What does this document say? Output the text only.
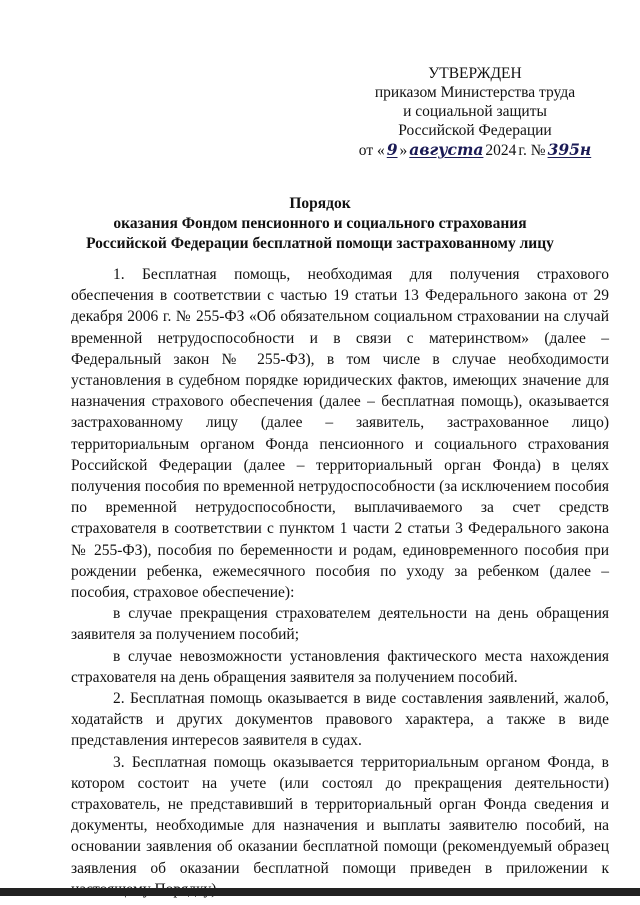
УТВЕРЖДЕН
приказом Министерства труда
и социальной защиты
Российской Федерации
от « 9 » августа 2024 г. № 395н
Порядок
оказания Фондом пенсионного и социального страхования
Российской Федерации бесплатной помощи застрахованному лицу

1. Бесплатная помощь, необходимая для получения страхового обеспечения в соответствии с частью 19 статьи 13 Федерального закона от 29 декабря 2006 г. № 255-ФЗ «Об обязательном социальном страховании на случай временной нетрудоспособности и в связи с материнством» (далее – Федеральный закон № 255-ФЗ), в том числе в случае необходимости установления в судебном порядке юридических фактов, имеющих значение для назначения страхового обеспечения (далее – бесплатная помощь), оказывается застрахованному лицу (далее – заявитель, застрахованное лицо) территориальным органом Фонда пенсионного и социального страхования Российской Федерации (далее – территориальный орган Фонда) в целях получения пособия по временной нетрудоспособности (за исключением пособия по временной нетрудоспособности, выплачиваемого за счет средств страхователя в соответствии с пунктом 1 части 2 статьи 3 Федерального закона № 255-ФЗ), пособия по беременности и родам, единовременного пособия при рождении ребенка, ежемесячного пособия по уходу за ребенком (далее – пособия, страховое обеспечение):

в случае прекращения страхователем деятельности на день обращения заявителя за получением пособий;

в случае невозможности установления фактического места нахождения страхователя на день обращения заявителя за получением пособий.

2. Бесплатная помощь оказывается в виде составления заявлений, жалоб, ходатайств и других документов правового характера, а также в виде представления интересов заявителя в судах.

3. Бесплатная помощь оказывается территориальным органом Фонда, в котором состоит на учете (или состоял до прекращения деятельности) страхователь, не представивший в территориальный орган Фонда сведения и документы, необходимые для назначения и выплаты заявителю пособий, на основании заявления об оказании бесплатной помощи (рекомендуемый образец заявления об оказании бесплатной помощи приведен в приложении к
